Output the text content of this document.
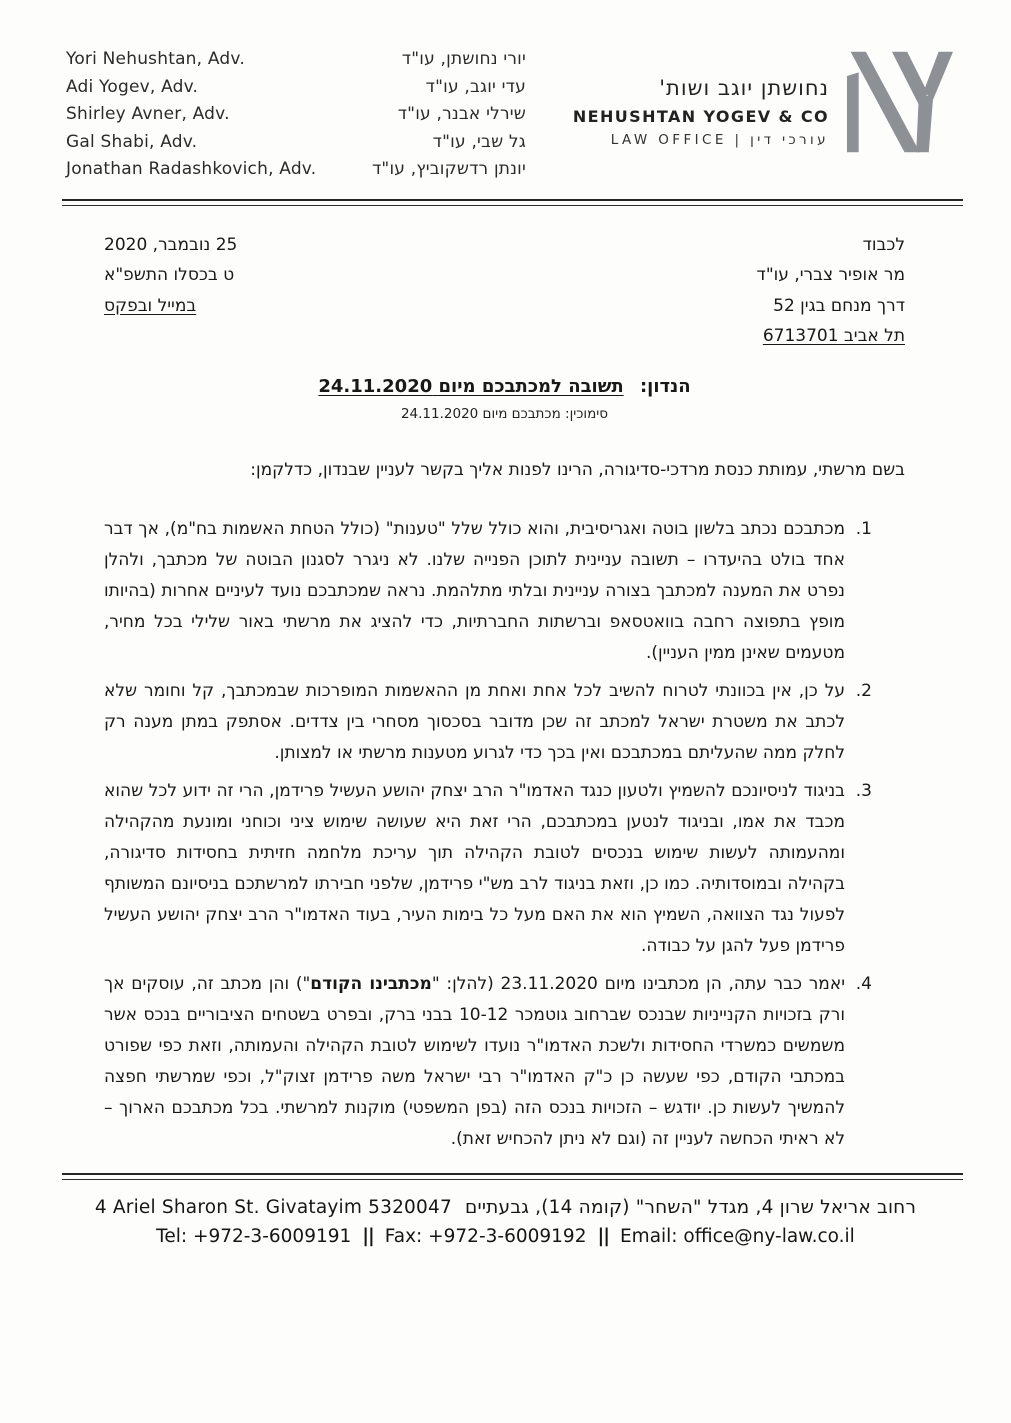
Yori Nehushtan, Adv.
Adi Yogev, Adv.
Shirley Avner, Adv.
Gal Shabi, Adv.
Jonathan Radashkovich, Adv.
יורי נחושתן, עו"ד
עדי יוגב, עו"ד
שירלי אבנר, עו"ד
גל שבי, עו"ד
יונתן רדשקוביץ, עו"ד
נחושתן יוגב ושות'
NEHUSHTAN YOGEV & CO
LAW OFFICE | עורכי דין
לכבוד
מר אופיר צברי, עו"ד
דרך מנחם בגין 52
תל אביב 6713701
25 נובמבר, 2020
ט בכסלו התשפ"א
במייל ובפקס
הנדון: תשובה למכתבכם מיום 24.11.2020
סימוכין: מכתבכם מיום 24.11.2020
בשם מרשתי, עמותת כנסת מרדכי-סדיגורה, הרינו לפנות אליך בקשר לעניין שבנדון, כדלקמן:
1.
מכתבכם נכתב בלשון בוטה ואגריסיבית, והוא כולל שלל "טענות" (כולל הטחת האשמות בח"מ), אך דבר אחד בולט בהיעדרו – תשובה עניינית לתוכן הפנייה שלנו. לא ניגרר לסגנון הבוטה של מכתבך, ולהלן נפרט את המענה למכתבך בצורה עניינית ובלתי מתלהמת. נראה שמכתבכם נועד לעיניים אחרות (בהיותו מופץ בתפוצה רחבה בוואטסאפ וברשתות החברתיות, כדי להציג את מרשתי באור שלילי בכל מחיר, מטעמים שאינן ממין העניין).
2.
על כן, אין בכוונתי לטרוח להשיב לכל אחת ואחת מן ההאשמות המופרכות שבמכתבך, קל וחומר שלא לכתב את משטרת ישראל למכתב זה שכן מדובר בסכסוך מסחרי בין צדדים. אסתפק במתן מענה רק לחלק ממה שהעליתם במכתבכם ואין בכך כדי לגרוע מטענות מרשתי או למצותן.
3.
בניגוד לניסיונכם להשמיץ ולטעון כנגד האדמו"ר הרב יצחק יהושע העשיל פרידמן, הרי זה ידוע לכל שהוא מכבד את אמו, ובניגוד לנטען במכתבכם, הרי זאת היא שעושה שימוש ציני וכוחני ומונעת מהקהילה ומהעמותה לעשות שימוש בנכסים לטובת הקהילה תוך עריכת מלחמה חזיתית בחסידות סדיגורה, בקהילה ובמוסדותיה. כמו כן, וזאת בניגוד לרב מש"י פרידמן, שלפני חבירתו למרשתכם בניסיונם המשותף לפעול נגד הצוואה, השמיץ הוא את האם מעל כל בימות העיר, בעוד האדמו"ר הרב יצחק יהושע העשיל פרידמן פעל להגן על כבודה.
4.
יאמר כבר עתה, הן מכתבינו מיום 23.11.2020 (להלן: "מכתבינו הקודם") והן מכתב זה, עוסקים אך ורק בזכויות הקנייניות שבנכס שברחוב גוטמכר 10-12 בבני ברק, ובפרט בשטחים הציבוריים בנכס אשר משמשים כמשרדי החסידות ולשכת האדמו"ר נועדו לשימוש לטובת הקהילה והעמותה, וזאת כפי שפורט במכתבי הקודם, כפי שעשה כן כ"ק האדמו"ר רבי ישראל משה פרידמן זצוק"ל, וכפי שמרשתי חפצה להמשיך לעשות כן. יודגש – הזכויות בנכס הזה (בפן המשפטי) מוקנות למרשתי. בכל מכתבכם הארוך – לא ראיתי הכחשה לעניין זה (וגם לא ניתן להכחיש זאת).
4 Ariel Sharon St. Givatayim 5320047 רחוב אריאל שרון 4, מגדל "השחר" (קומה 14), גבעתיים
Tel: +972-3-6009191 || Fax: +972-3-6009192 || Email: office@ny-law.co.il
